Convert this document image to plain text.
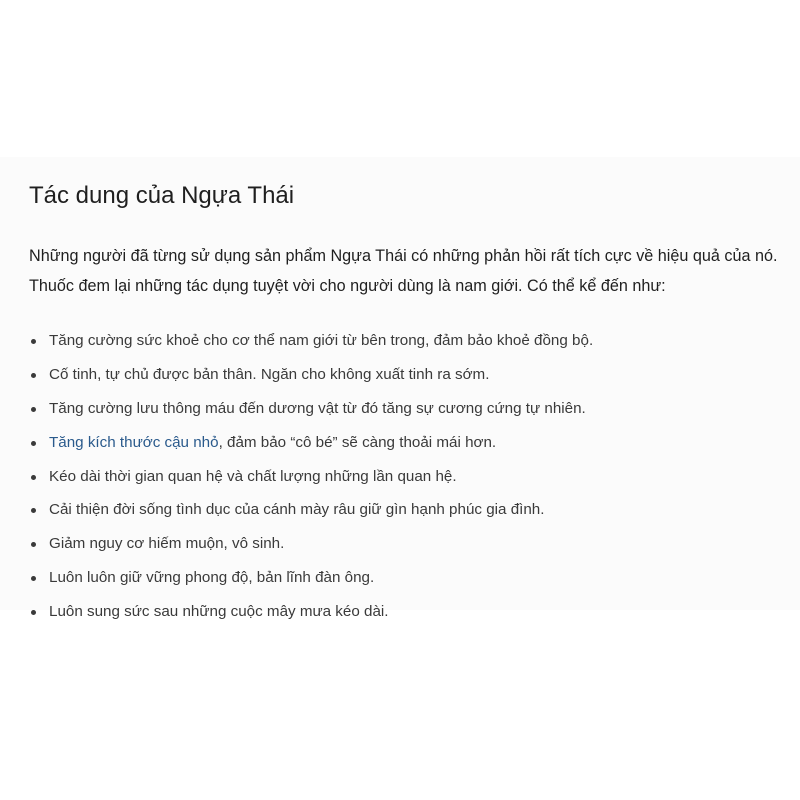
Tác dung của Ngựa Thái

Những người đã từng sử dụng sản phẩm Ngựa Thái có những phản hồi rất tích cực về hiệu quả của nó. Thuốc đem lại những tác dụng tuyệt vời cho người dùng là nam giới. Có thể kể đến như:

Tăng cường sức khoẻ cho cơ thể nam giới từ bên trong, đảm bảo khoẻ đồng bộ.
Cố tinh, tự chủ được bản thân. Ngăn cho không xuất tinh ra sớm.
Tăng cường lưu thông máu đến dương vật từ đó tăng sự cương cứng tự nhiên.
Tăng kích thước cậu nhỏ, đảm bảo “cô bé” sẽ càng thoải mái hơn.
Kéo dài thời gian quan hệ và chất lượng những lần quan hệ.
Cải thiện đời sống tình dục của cánh mày râu giữ gìn hạnh phúc gia đình.
Giảm nguy cơ hiếm muộn, vô sinh.
Luôn luôn giữ vững phong độ, bản lĩnh đàn ông.
Luôn sung sức sau những cuộc mây mưa kéo dài.
